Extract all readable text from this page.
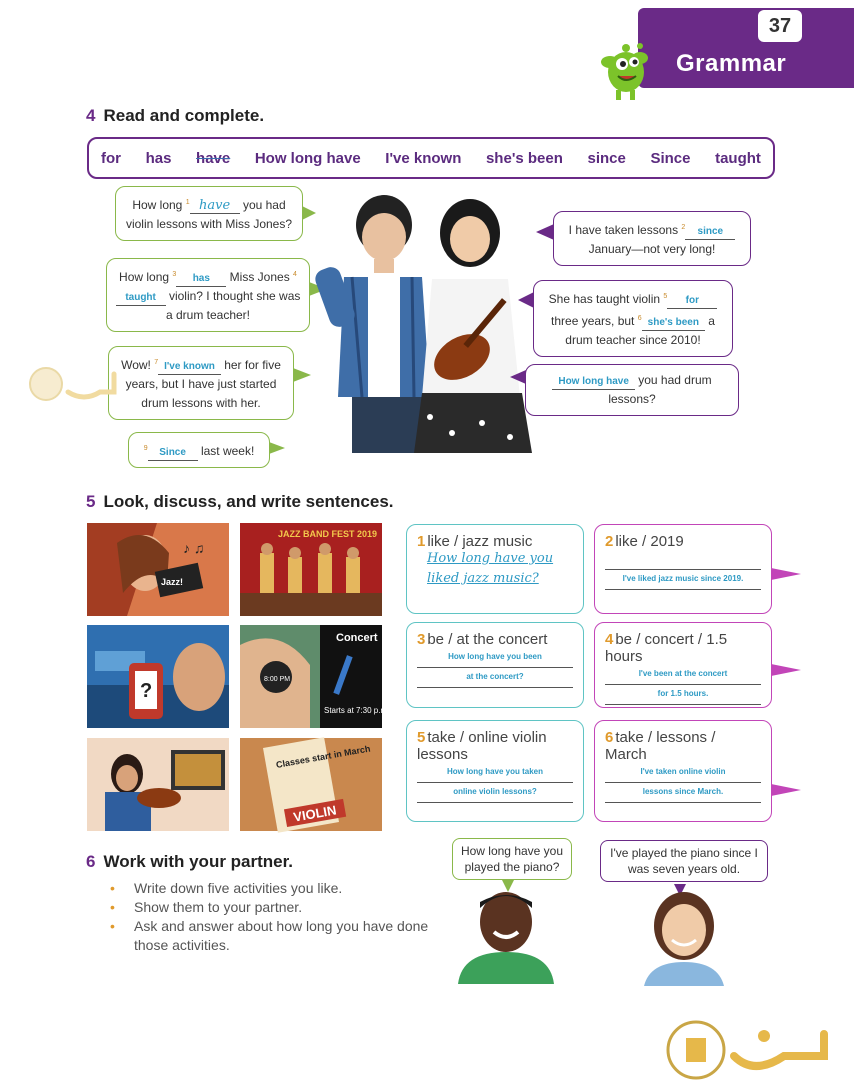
37
Grammar
4 Read and complete.
for has have How long have I've known she's been since Since taught
How long $^1$ have you had violin lessons with Miss Jones?
How long $^3$ has Miss Jones $^4$taught violin? I thought she was a drum teacher!
Wow! $^7$ I've known her for five years, but I have just started drum lessons with her.
$^9$ Since last week!
I have taken lessons $^2$ since January—not very long!
She has taught violin $^5$ for three years, but $^6$ she's been a drum teacher since 2010!
How long have you had drum lessons?
5 Look, discuss, and write sentences.
Jazz!
♪ ♫
JAZZ BAND FEST 2019
?
8:00 PM
Concert
Starts at 7:30 p.m.
Classes start in March
VIOLIN
1 like / jazz music
How long have you
liked jazz music?
2 like / 2019
I've liked jazz music since 2019.
3 be / at the concert
How long have you been
at the concert?
4 be / concert / 1.5 hours
I've been at the concert
for 1.5 hours.
5 take / online violin lessons
How long have you taken
online violin lessons?
6 take / lessons / March
I've taken online violin
lessons since March.
6 Work with your partner.
• Write down five activities you like.
• Show them to your partner.
• Ask and answer about how long you have done those activities.
How long have you played the piano?
I've played the piano since I was seven years old.
